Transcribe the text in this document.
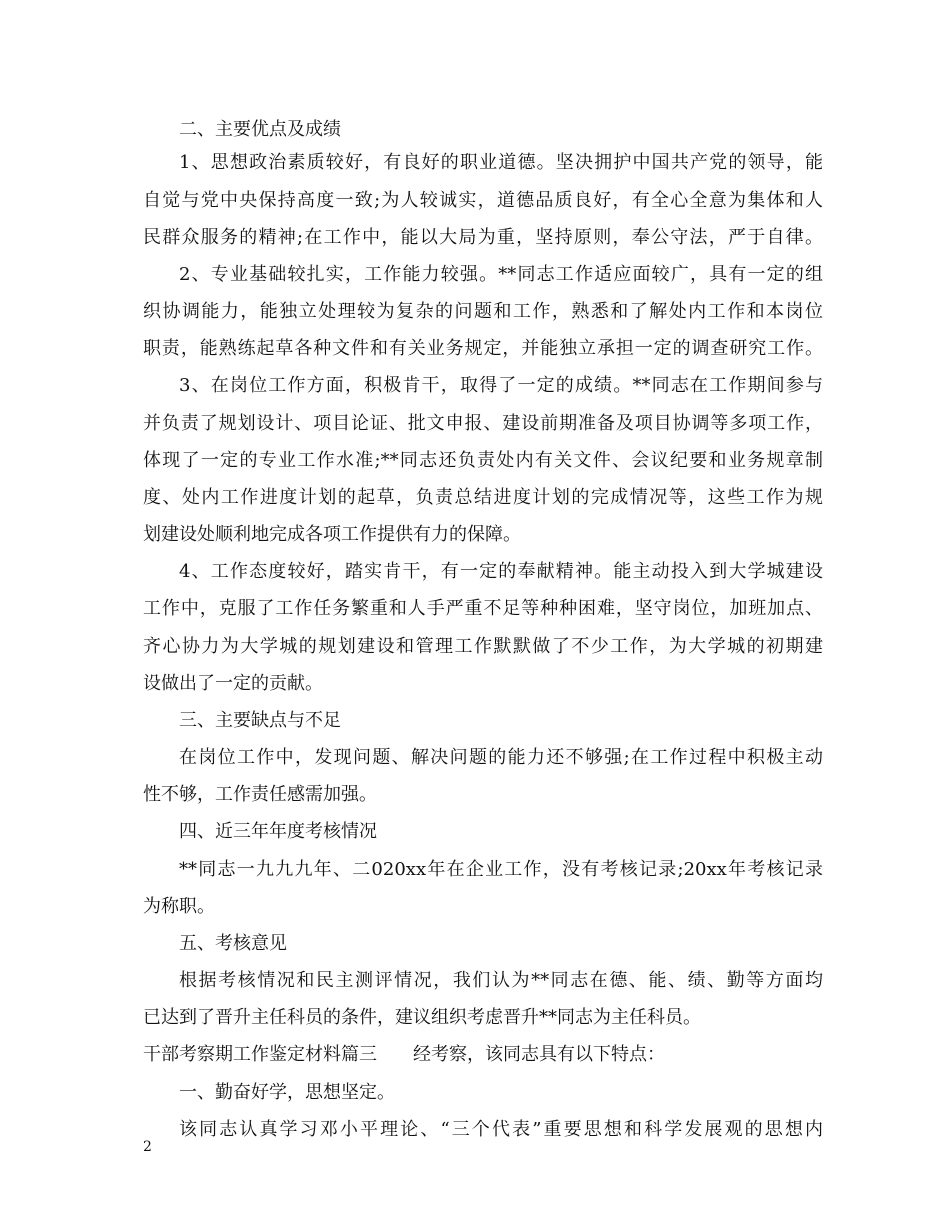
二、主要优点及成绩
1、思想政治素质较好，有良好的职业道德。坚决拥护中国共产党的领导，能
自觉与党中央保持高度一致;为人较诚实，道德品质良好，有全心全意为集体和人
民群众服务的精神;在工作中，能以大局为重，坚持原则，奉公守法，严于自律。
2、专业基础较扎实，工作能力较强。**同志工作适应面较广，具有一定的组
织协调能力，能独立处理较为复杂的问题和工作，熟悉和了解处内工作和本岗位
职责，能熟练起草各种文件和有关业务规定，并能独立承担一定的调查研究工作。
3、在岗位工作方面，积极肯干，取得了一定的成绩。**同志在工作期间参与
并负责了规划设计、项目论证、批文申报、建设前期准备及项目协调等多项工作，
体现了一定的专业工作水准;**同志还负责处内有关文件、会议纪要和业务规章制
度、处内工作进度计划的起草，负责总结进度计划的完成情况等，这些工作为规
划建设处顺利地完成各项工作提供有力的保障。
4、工作态度较好，踏实肯干，有一定的奉献精神。能主动投入到大学城建设
工作中，克服了工作任务繁重和人手严重不足等种种困难，坚守岗位，加班加点、
齐心协力为大学城的规划建设和管理工作默默做了不少工作，为大学城的初期建
设做出了一定的贡献。
三、主要缺点与不足
在岗位工作中，发现问题、解决问题的能力还不够强;在工作过程中积极主动
性不够，工作责任感需加强。
四、近三年年度考核情况
**同志一九九九年、二020xx年在企业工作，没有考核记录;20xx年考核记录
为称职。
五、考核意见
根据考核情况和民主测评情况，我们认为**同志在德、能、绩、勤等方面均
已达到了晋升主任科员的条件，建议组织考虑晋升**同志为主任科员。
干部考察期工作鉴定材料篇三　　经考察，该同志具有以下特点：
一、勤奋好学，思想坚定。
该同志认真学习邓小平理论、“三个代表”重要思想和科学发展观的思想内
2
